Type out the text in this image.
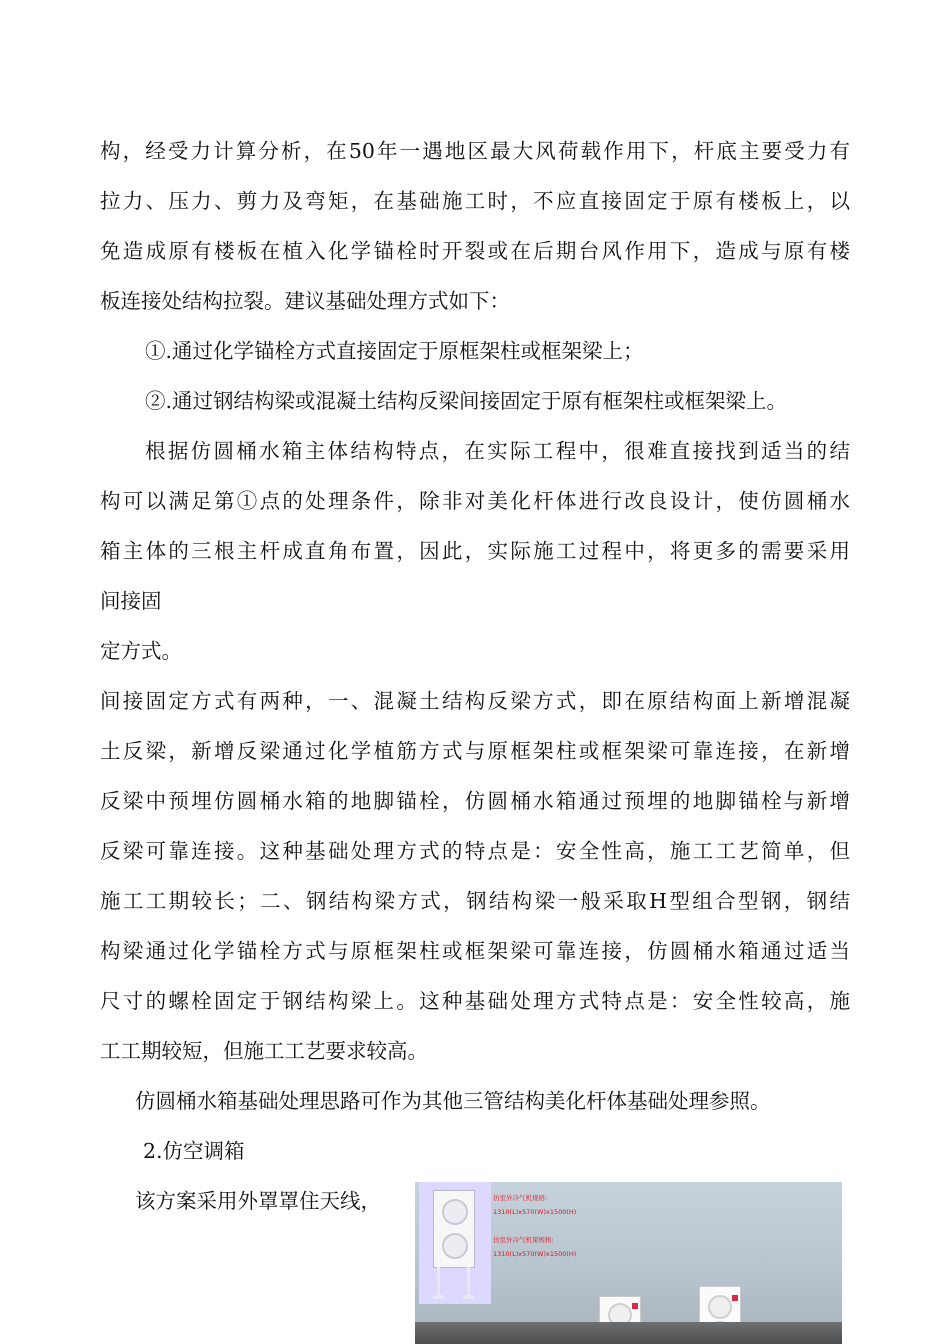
构，经受力计算分析，在50年一遇地区最大风荷载作用下，杆底主要受力有
拉力、压力、剪力及弯矩，在基础施工时，不应直接固定于原有楼板上，以
免造成原有楼板在植入化学锚栓时开裂或在后期台风作用下，造成与原有楼
板连接处结构拉裂。建议基础处理方式如下：
①.通过化学锚栓方式直接固定于原框架柱或框架梁上；
②.通过钢结构梁或混凝土结构反梁间接固定于原有框架柱或框架梁上。
根据仿圆桶水箱主体结构特点，在实际工程中，很难直接找到适当的结
构可以满足第①点的处理条件，除非对美化杆体进行改良设计，使仿圆桶水
箱主体的三根主杆成直角布置，因此，实际施工过程中，将更多的需要采用
间接固
定方式。
间接固定方式有两种，一、混凝土结构反梁方式，即在原结构面上新增混凝
土反梁，新增反梁通过化学植筋方式与原框架柱或框架梁可靠连接，在新增
反梁中预埋仿圆桶水箱的地脚锚栓，仿圆桶水箱通过预埋的地脚锚栓与新增
反梁可靠连接。这种基础处理方式的特点是：安全性高，施工工艺简单，但
施工工期较长；二、钢结构梁方式，钢结构梁一般采取H型组合型钢，钢结
构梁通过化学锚栓方式与原框架柱或框架梁可靠连接，仿圆桶水箱通过适当
尺寸的螺栓固定于钢结构梁上。这种基础处理方式特点是：安全性较高，施
工工期较短，但施工工艺要求较高。
仿圆桶水箱基础处理思路可作为其他三管结构美化杆体基础处理参照。
2.仿空调箱
该方案采用外罩罩住天线，	仿室外冷气机规格:
1310(L)x570(W)x1500(H)
仿室外冷气机架规格:
1310(L)x570(W)x1500(H)
